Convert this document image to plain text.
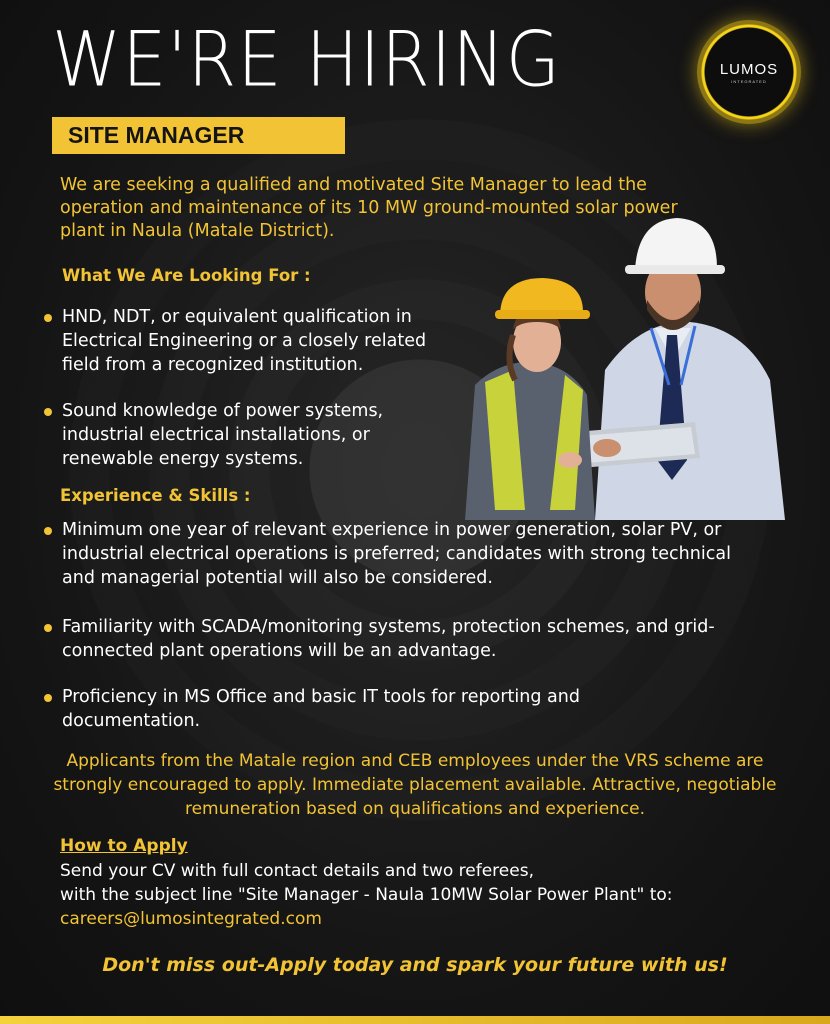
WE'RE HIRING	LUMOS
INTEGRATED
SITE MANAGER

We are seeking a qualified and motivated Site Manager to lead the operation and maintenance of its 10 MW ground-mounted solar power plant in Naula (Matale District).

What We Are Looking For :

HND, NDT, or equivalent qualification in Electrical Engineering or a closely related field from a recognized institution.
Sound knowledge of power systems, industrial electrical installations, or renewable energy systems.

Experience & Skills :

Minimum one year of relevant experience in power generation, solar PV, or industrial electrical operations is preferred; candidates with strong technical and managerial potential will also be considered.
Familiarity with SCADA/monitoring systems, protection schemes, and grid-connected plant operations will be an advantage.
Proficiency in MS Office and basic IT tools for reporting and documentation.

Applicants from the Matale region and CEB employees under the VRS scheme are strongly encouraged to apply. Immediate placement available. Attractive, negotiable remuneration based on qualifications and experience.

How to Apply

Send your CV with full contact details and two referees,

with the subject line "Site Manager - Naula 10MW Solar Power Plant" to:

careers@lumosintegrated.com

Don't miss out-Apply today and spark your future with us!
